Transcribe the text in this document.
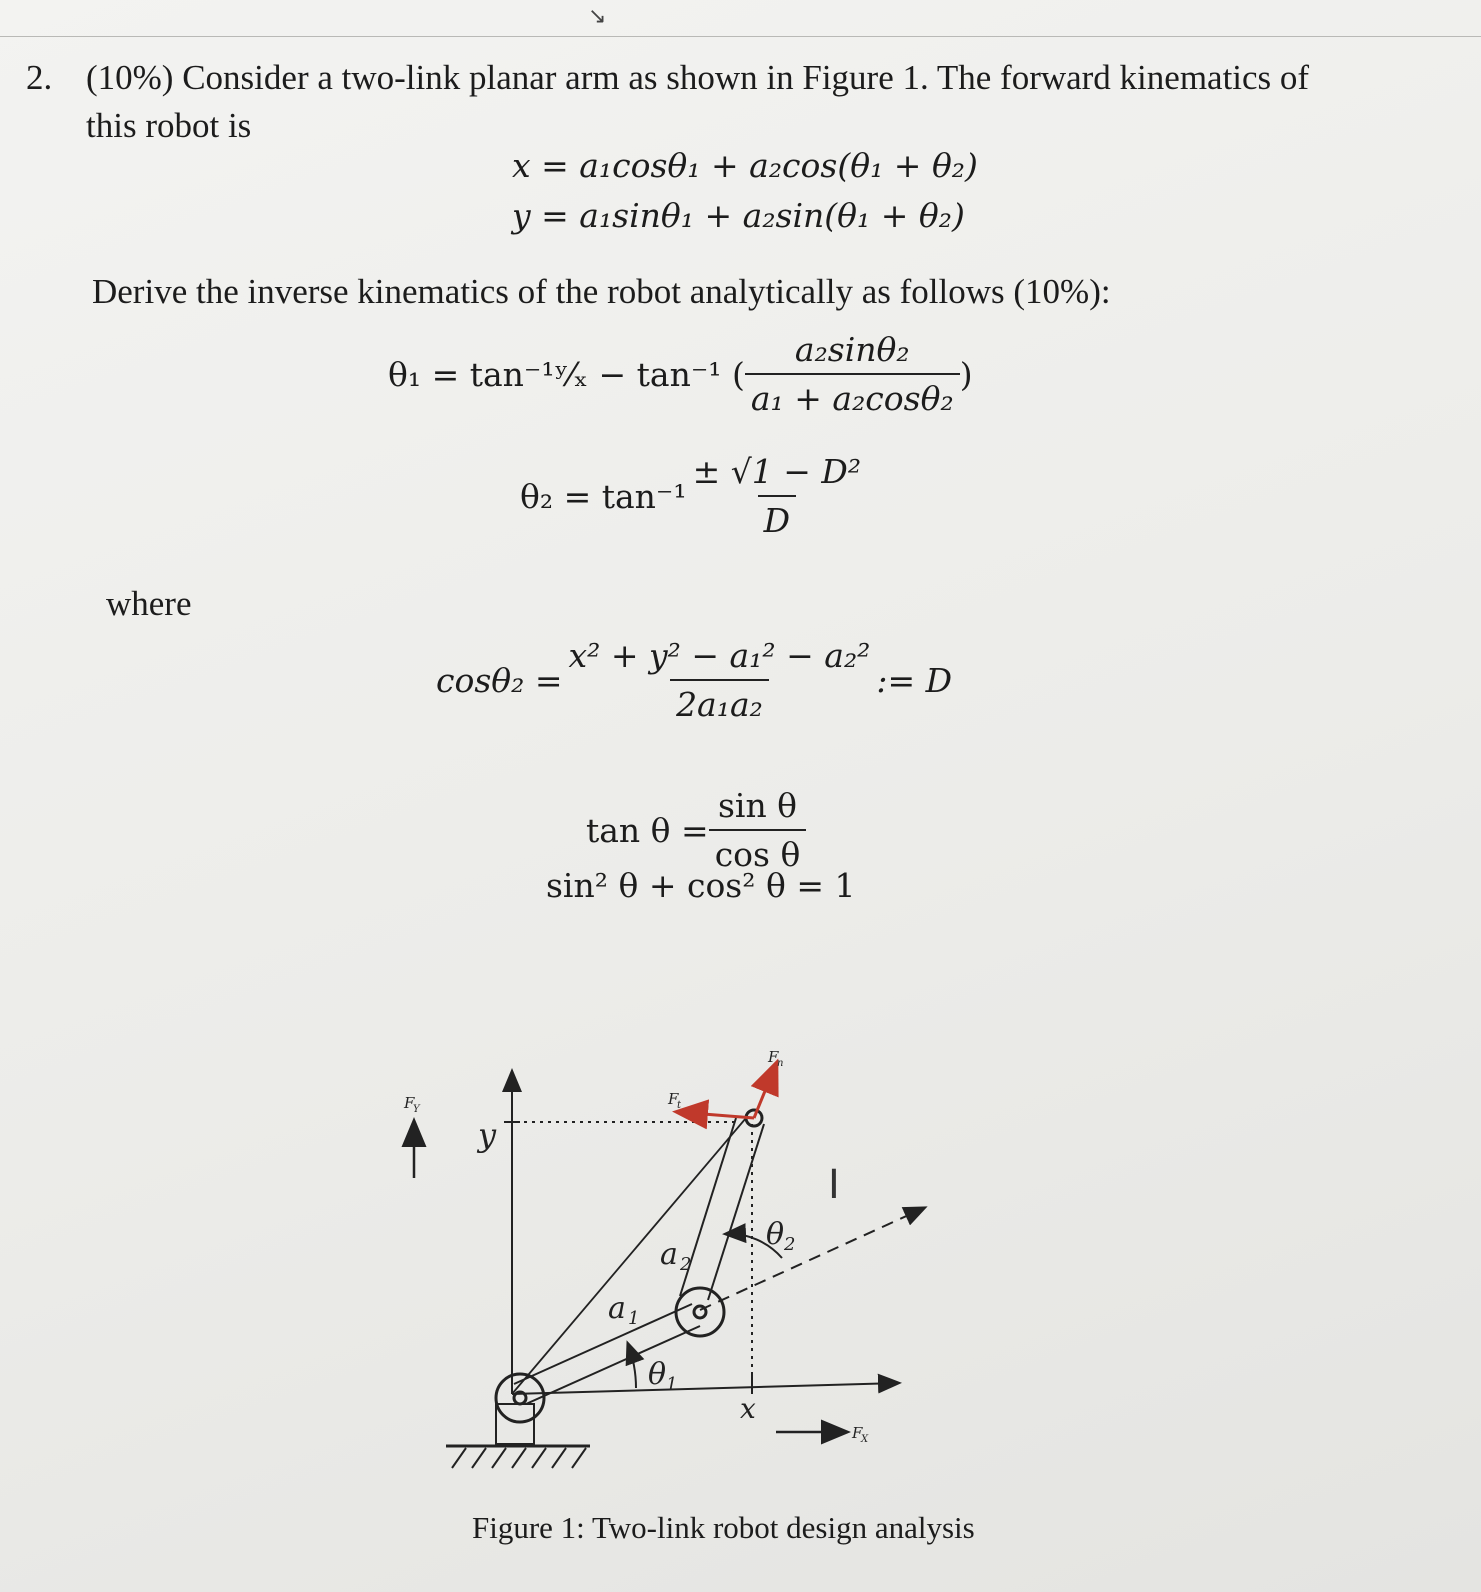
↘
2. (10%) Consider a two-link planar arm as shown in Figure 1. The forward kinematics of
this robot is
x = a₁cosθ₁ + a₂cos(θ₁ + θ₂)
y = a₁sinθ₁ + a₂sin(θ₁ + θ₂)
Derive the inverse kinematics of the robot analytically as follows (10%):
θ₁ = tan⁻¹ʸ⁄ₓ − tan⁻¹ ( $\frac{\text{a₂sinθ₂}}{\text{a₁ + a₂cosθ₂}}$ )
$\theta_2 = \tan^{-1} \frac{\text{± √1 − D²}}{D}$
where
$\cos\theta_2 = \frac{\text{x² + y² − a₁² − a₂²}}{\text{2a₁a₂}}$ := D
$\tan \theta = \frac{\text{sin θ}}{\text{cos θ}}$
sin² θ + cos² θ = 1
y
x
a 1
a 2
θ 1
θ 2
F
Y
F
X
F
t
F
n
I
Figure 1: Two-link robot design analysis
